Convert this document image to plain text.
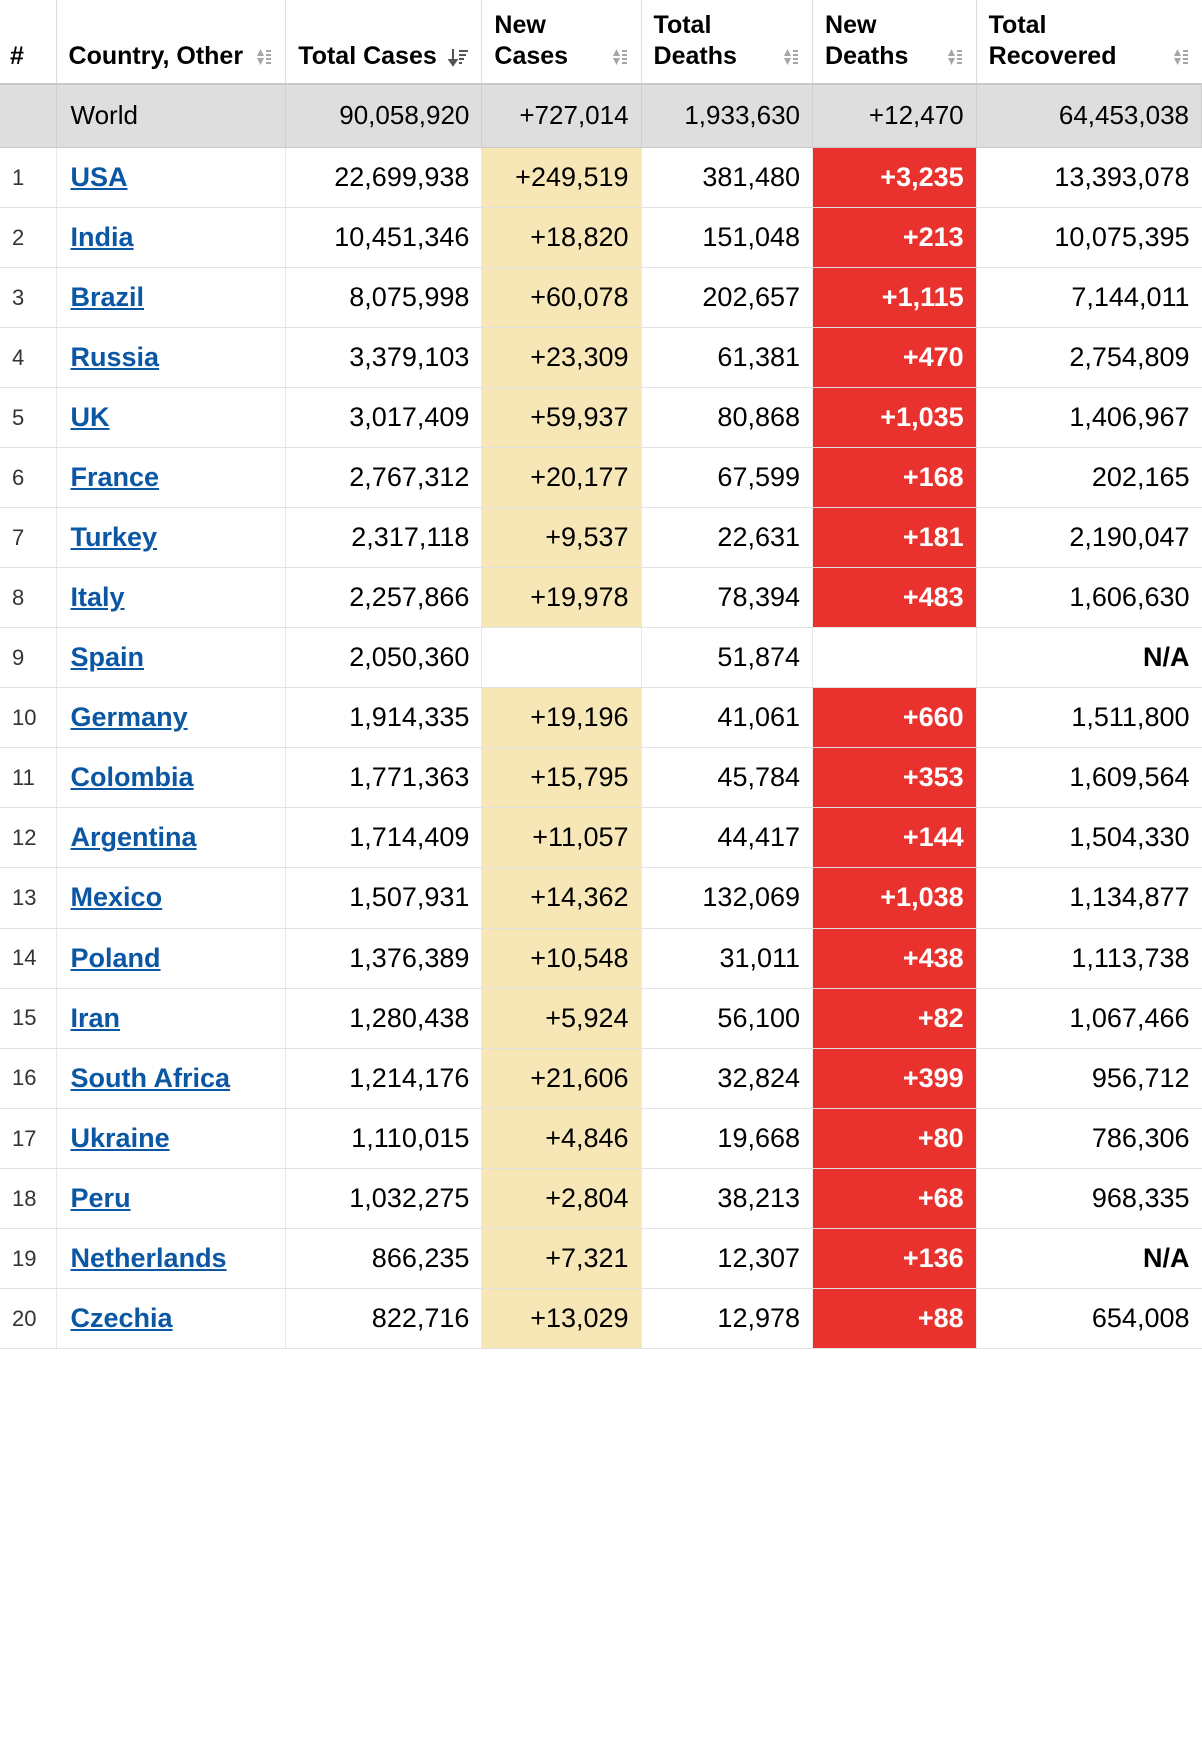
#	Country, Other	Total Cases	New Cases	Total Deaths	New Deaths	Total Recovered

	World	90,058,920	+727,014	1,933,630	+12,470	64,453,038
1	USA	22,699,938	+249,519	381,480	+3,235	13,393,078
2	India	10,451,346	+18,820	151,048	+213	10,075,395
3	Brazil	8,075,998	+60,078	202,657	+1,115	7,144,011
4	Russia	3,379,103	+23,309	61,381	+470	2,754,809
5	UK	3,017,409	+59,937	80,868	+1,035	1,406,967
6	France	2,767,312	+20,177	67,599	+168	202,165
7	Turkey	2,317,118	+9,537	22,631	+181	2,190,047
8	Italy	2,257,866	+19,978	78,394	+483	1,606,630
9	Spain	2,050,360		51,874		N/A
10	Germany	1,914,335	+19,196	41,061	+660	1,511,800
11	Colombia	1,771,363	+15,795	45,784	+353	1,609,564
12	Argentina	1,714,409	+11,057	44,417	+144	1,504,330
13	Mexico	1,507,931	+14,362	132,069	+1,038	1,134,877
14	Poland	1,376,389	+10,548	31,011	+438	1,113,738
15	Iran	1,280,438	+5,924	56,100	+82	1,067,466
16	South Africa	1,214,176	+21,606	32,824	+399	956,712
17	Ukraine	1,110,015	+4,846	19,668	+80	786,306
18	Peru	1,032,275	+2,804	38,213	+68	968,335
19	Netherlands	866,235	+7,321	12,307	+136	N/A
20	Czechia	822,716	+13,029	12,978	+88	654,008
